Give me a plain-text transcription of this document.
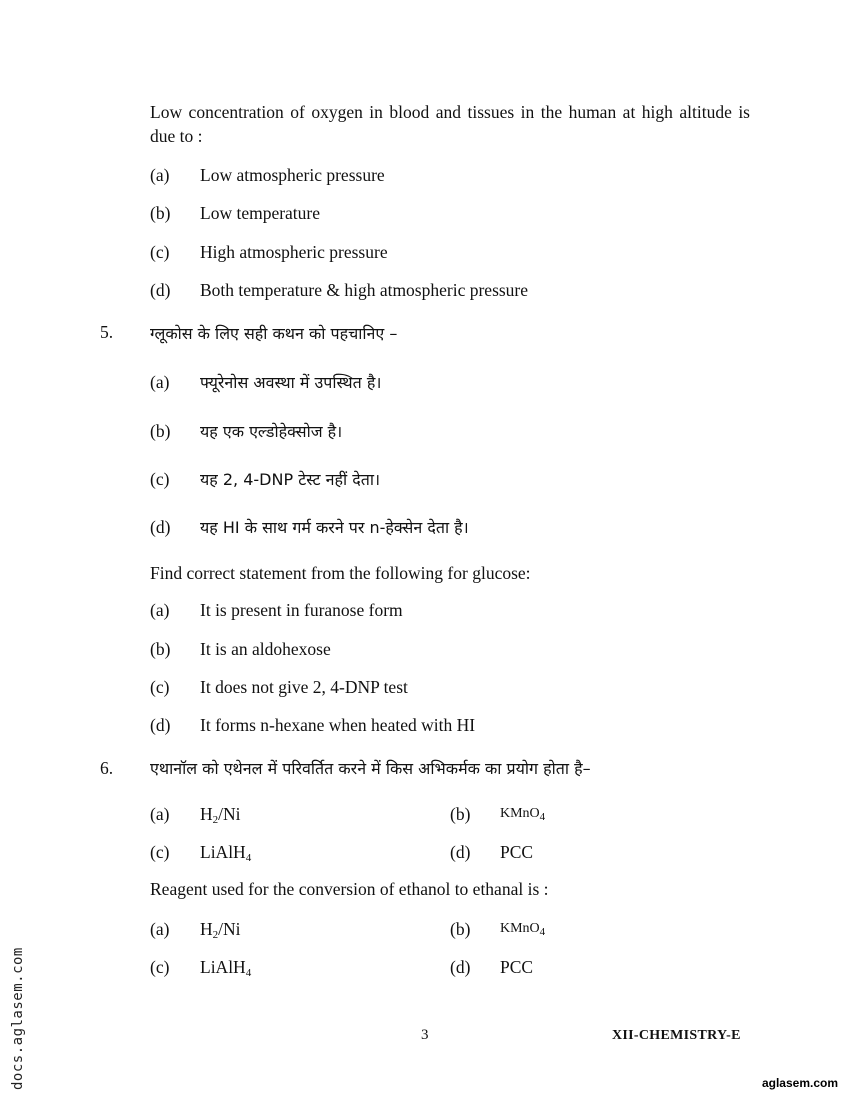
Low concentration of oxygen in blood and tissues in the human at high altitude is due to :
(a) Low atmospheric pressure
(b) Low temperature
(c) High atmospheric pressure
(d) Both temperature & high atmospheric pressure
5. ग्लूकोस के लिए सही कथन को पहचानिए –
(a) फ्यूरेनोस अवस्था में उपस्थित है।
(b) यह एक एल्डोहेक्सोज है।
(c) यह 2, 4-DNP टेस्ट नहीं देता।
(d) यह HI के साथ गर्म करने पर n-हेक्सेन देता है।
Find correct statement from the following for glucose:
(a) It is present in furanose form
(b) It is an aldohexose
(c) It does not give 2, 4-DNP test
(d) It forms n-hexane when heated with HI
6. एथानॉल को एथेनल में परिवर्तित करने में किस अभिकर्मक का प्रयोग होता है–
(a) $H_2/Ni$	(b) KMnO$_4$
(c) LiAlH$_4$	(d) PCC
Reagent used for the conversion of ethanol to ethanal is :
(a) $H_2/Ni$	(b) KMnO$_4$
(c) LiAlH$_4$	(d) PCC
3	XII-CHEMISTRY-E
docs.aglasem.com	aglasem.com
